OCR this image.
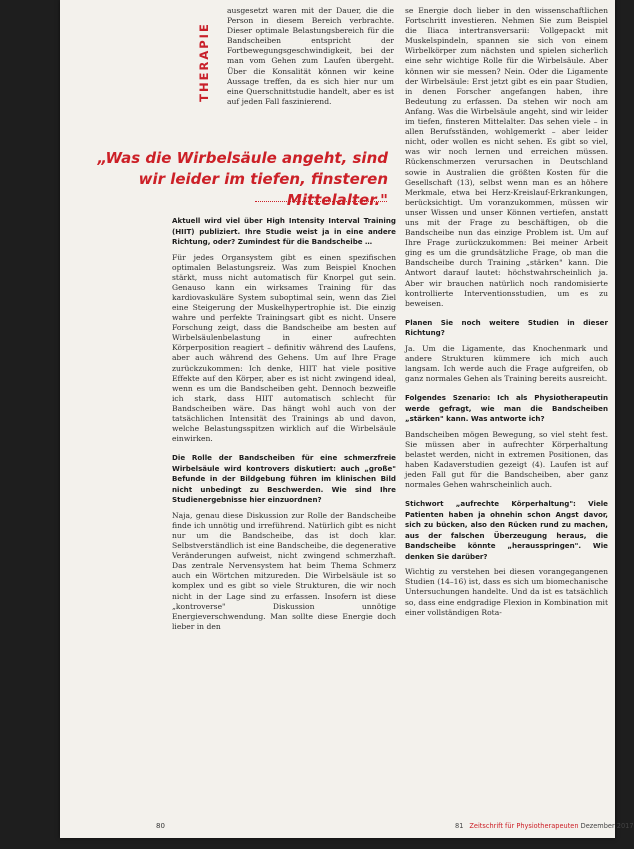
THERAPIE

ausgesetzt waren mit der Dauer, die die Person in diesem Bereich verbrachte. Dieser optimale Belastungsbereich für die Bandscheiben entspricht der Fortbewegungsgeschwindigkeit, bei der man vom Gehen zum Laufen übergeht. Über die Konsalität können wir keine Aussage treffen, da es sich hier nur um eine Querschnittstudie handelt, aber es ist auf jeden Fall faszinierend.

„Was die Wirbelsäule angeht, sind wir leider im tiefen, finsteren Mittelalter."

Aktuell wird viel über High Intensity Interval Training (HIIT) publiziert. Ihre Studie weist ja in eine andere Richtung, oder? Zumindest für die Bandscheibe …

Für jedes Organsystem gibt es einen spezifischen optimalen Belastungsreiz. Was zum Beispiel Knochen stärkt, muss nicht automatisch für Knorpel gut sein. Genauso kann ein wirksames Training für das kardiovaskuläre System suboptimal sein, wenn das Ziel eine Steigerung der Muskelhypertrophie ist. Die einzig wahre und perfekte Trainingsart gibt es nicht. Unsere Forschung zeigt, dass die Bandscheibe am besten auf Wirbelsäulenbelastung in einer aufrechten Körperposition reagiert – definitiv während des Laufens, aber auch während des Gehens. Um auf Ihre Frage zurückzukommen: Ich denke, HIIT hat viele positive Effekte auf den Körper, aber es ist nicht zwingend ideal, wenn es um die Bandscheiben geht. Dennoch bezweifle ich stark, dass HIIT automatisch schlecht für Bandscheiben wäre. Das hängt wohl auch von der tatsächlichen Intensität des Trainings ab und davon, welche Belastungsspitzen wirklich auf die Wirbelsäule einwirken.

Die Rolle der Bandscheiben für eine schmerzfreie Wirbelsäule wird kontrovers diskutiert: auch „große" Befunde in der Bildgebung führen im klinischen Bild nicht unbedingt zu Beschwerden. Wie sind Ihre Studienergebnisse hier einzuordnen?

Naja, genau diese Diskussion zur Rolle der Bandscheibe finde ich unnötig und irreführend. Natürlich gibt es nicht nur um die Bandscheibe, das ist doch klar. Selbstverständlich ist eine Bandscheibe, die degenerative Veränderungen aufweist, nicht zwingend schmerzhaft. Das zentrale Nervensystem hat beim Thema Schmerz auch ein Wörtchen mitzureden. Die Wirbelsäule ist so komplex und es gibt so viele Strukturen, die wir noch nicht in der Lage sind zu erfassen. Insofern ist diese „kontroverse" Diskussion unnötige Energieverschwendung. Man sollte diese Energie doch lieber in den

se Energie doch lieber in den wissenschaftlichen Fortschritt investieren. Nehmen Sie zum Beispiel die Iliaca intertransversarii: Vollgepackt mit Muskelspindeln, spannen sie sich von einem Wirbelkörper zum nächsten und spielen sicherlich eine sehr wichtige Rolle für die Wirbelsäule. Aber können wir sie messen? Nein. Oder die Ligamente der Wirbelsäule: Erst jetzt gibt es ein paar Studien, in denen Forscher angefangen haben, ihre Bedeutung zu erfassen. Da stehen wir noch am Anfang. Was die Wirbelsäule angeht, sind wir leider im tiefen, finsteren Mittelalter. Das sehen viele – in allen Berufsständen, wohlgemerkt – aber leider nicht, oder wollen es nicht sehen. Es gibt so viel, was wir noch lernen und erreichen müssen. Rückenschmerzen verursachen in Deutschland sowie in Australien die größten Kosten für die Gesellschaft (13), selbst wenn man es an höhere Merkmale, etwa bei Herz-Kreislauf-Erkrankungen, berücksichtigt. Um voranzukommen, müssen wir unser Wissen und unser Können vertiefen, anstatt uns mit der Frage zu beschäftigen, ob die Bandscheibe nun das einzige Problem ist. Um auf Ihre Frage zurückzukommen: Bei meiner Arbeit ging es um die grundsätzliche Frage, ob man die Bandscheibe durch Training „stärken" kann. Die Antwort darauf lautet: höchstwahrscheinlich ja. Aber wir brauchen natürlich noch randomisierte kontrollierte Interventionsstudien, um es zu beweisen.

Planen Sie noch weitere Studien in dieser Richtung?

Ja. Um die Ligamente, das Knochenmark und andere Strukturen kümmere ich mich auch langsam. Ich werde auch die Frage aufgreifen, ob ganz normales Gehen als Training bereits ausreicht.

Folgendes Szenario: Ich als Physiotherapeutin werde gefragt, wie man die Bandscheiben „stärken" kann. Was antworte ich?

Bandscheiben mögen Bewegung, so viel steht fest. Sie müssen aber in aufrechter Körperhaltung belastet werden, nicht in extremen Positionen, das haben Kadaverstudien gezeigt (4). Laufen ist auf jeden Fall gut für die Bandscheiben, aber ganz normales Gehen wahrscheinlich auch.

Stichwort „aufrechte Körperhaltung": Viele Patienten haben ja ohnehin schon Angst davor, sich zu bücken, also den Rücken rund zu machen, aus der falschen Überzeugung heraus, die Bandscheibe könnte „herausspringen". Wie denken Sie darüber?

Wichtig zu verstehen bei diesen vorangegangenen Studien (14–16) ist, dass es sich um biomechanische Untersuchungen handelte. Und da ist es tatsächlich so, dass eine endgradige Flexion in Kombination mit einer vollständigen Rota-

80	81 Zeitschrift für Physiotherapeuten Dezember 2017
